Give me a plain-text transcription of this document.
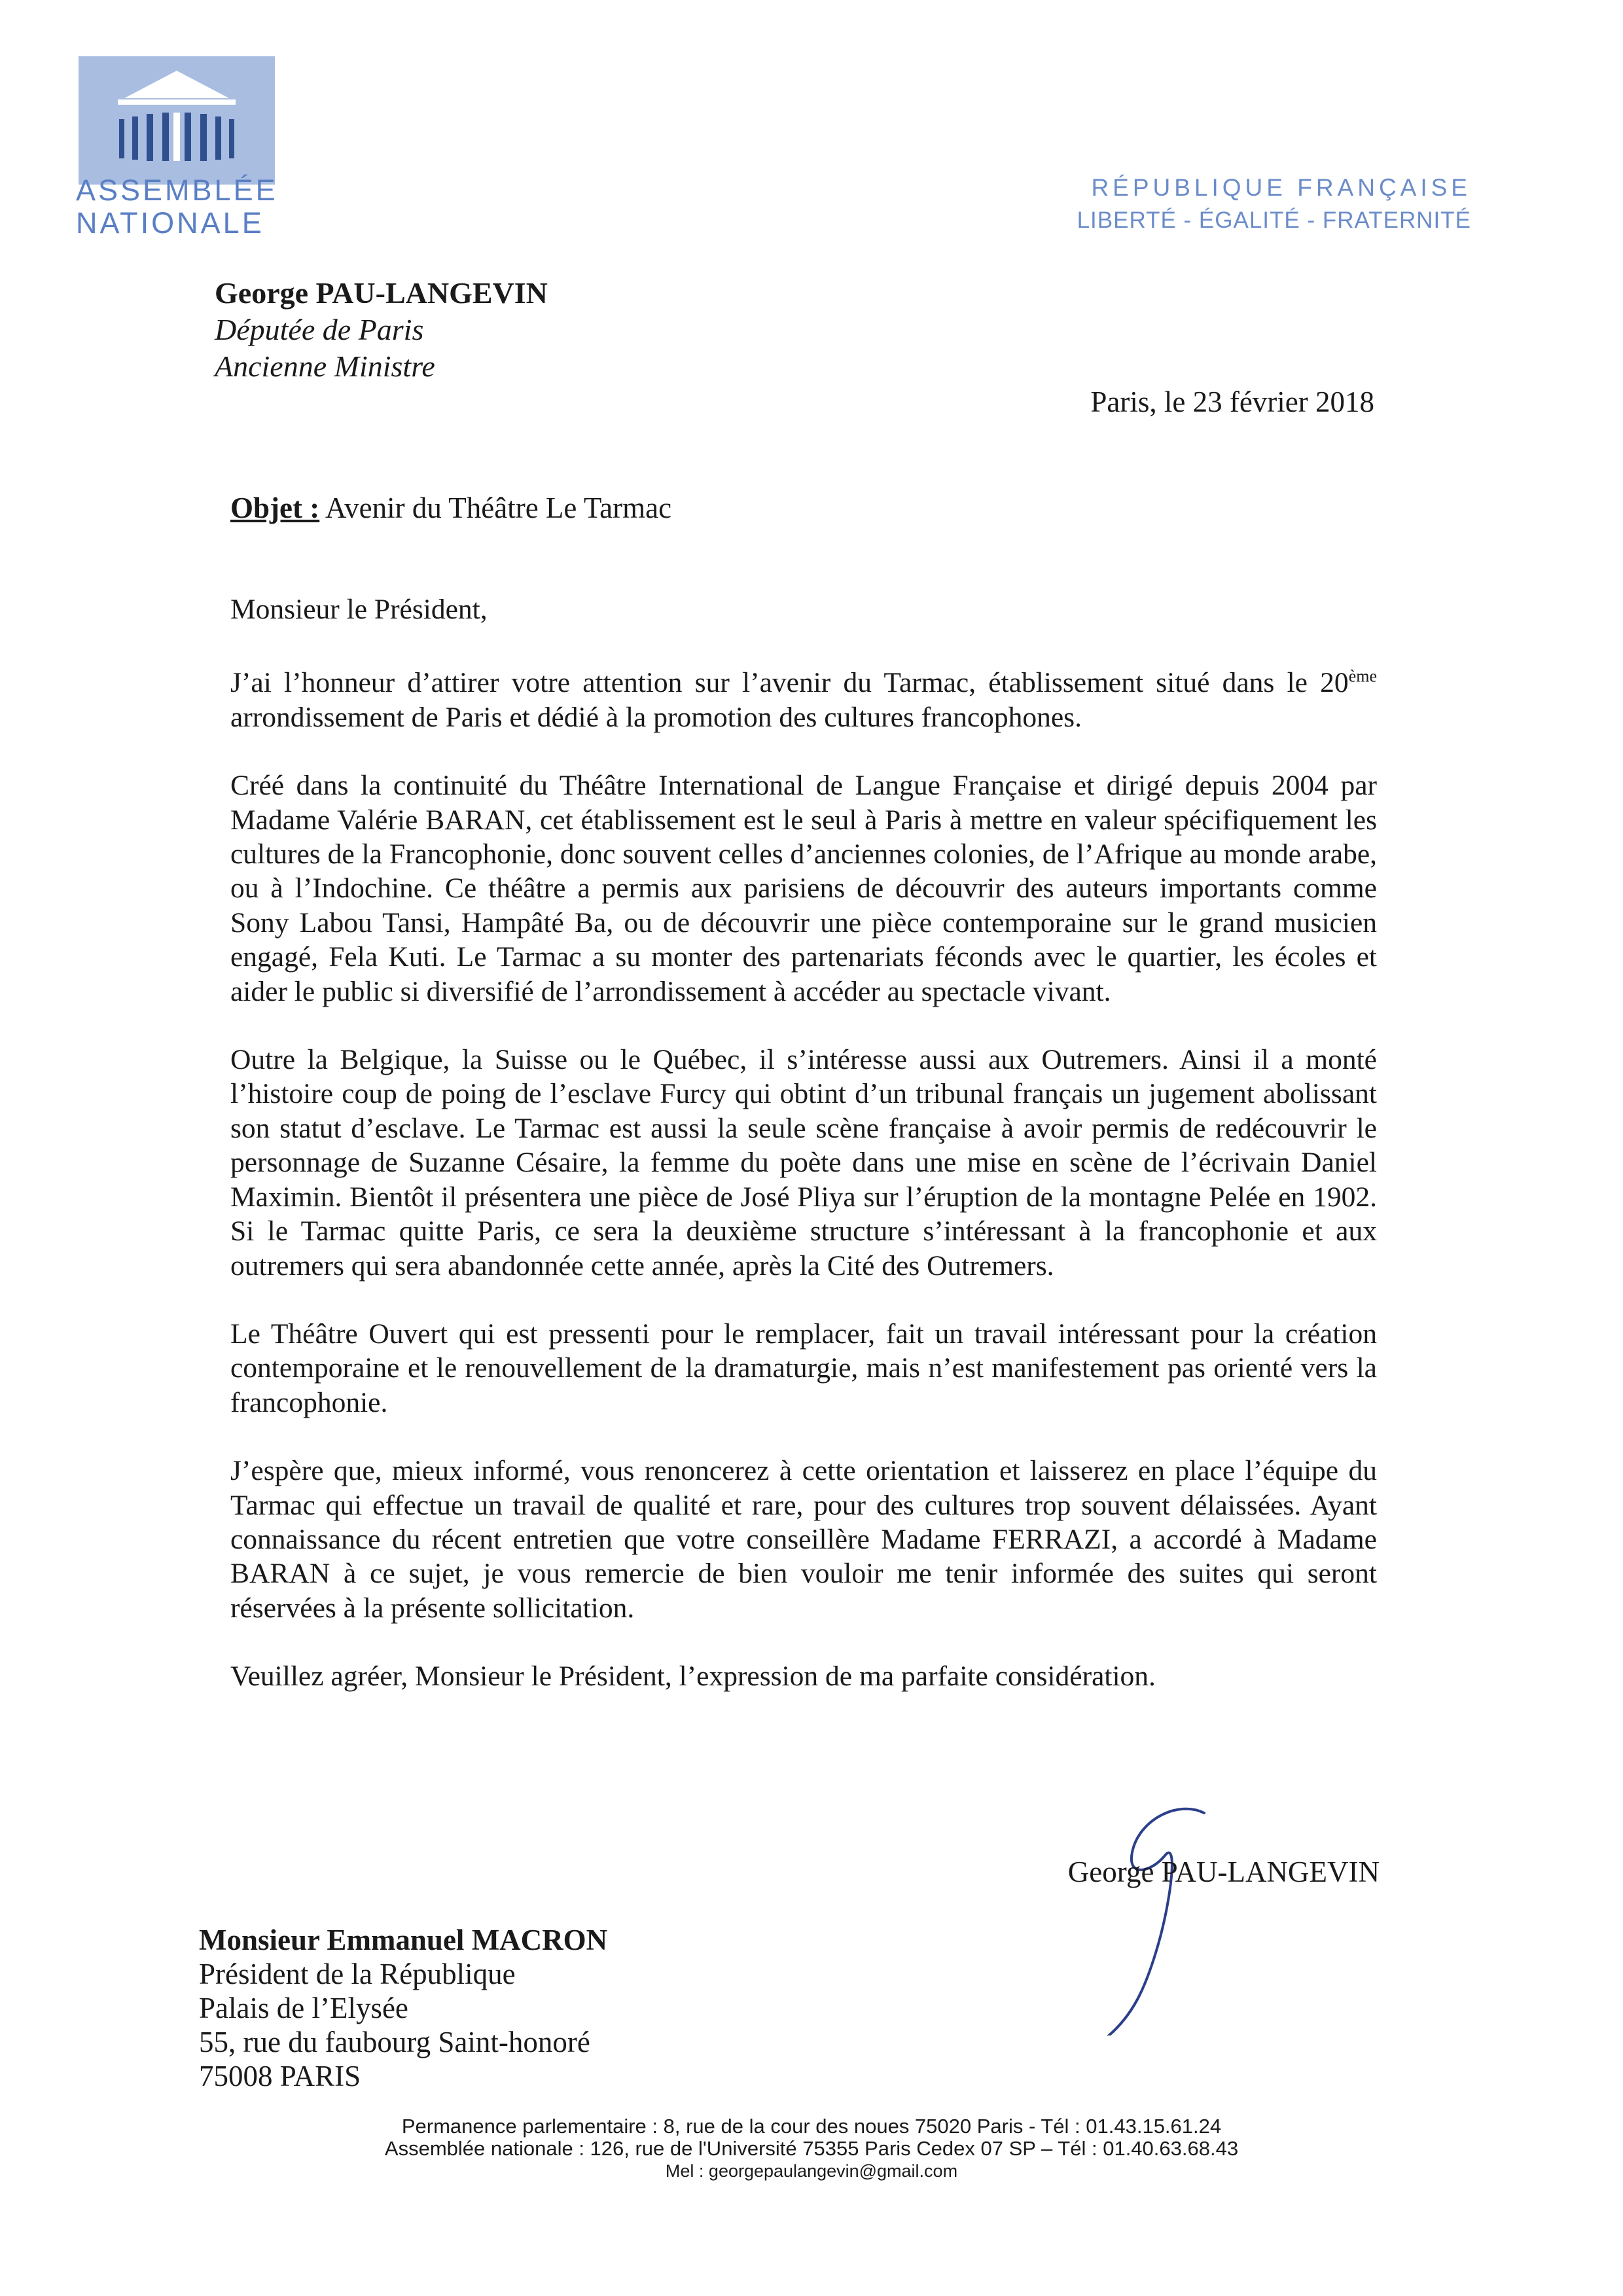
ASSEMBLÉE
NATIONALE
RÉPUBLIQUE FRANÇAISE
LIBERTÉ - ÉGALITÉ - FRATERNITÉ
George PAU-LANGEVIN
Députée de Paris
Ancienne Ministre
Paris, le 23 février 2018
Objet : Avenir du Théâtre Le Tarmac

Monsieur le Président,

J’ai l’honneur d’attirer votre attention sur l’avenir du Tarmac, établissement situé dans le 20ème arrondissement de Paris et dédié à la promotion des cultures francophones.

Créé dans la continuité du Théâtre International de Langue Française et dirigé depuis 2004 par Madame Valérie BARAN, cet établissement est le seul à Paris à mettre en valeur spécifiquement les cultures de la Francophonie, donc souvent celles d’anciennes colonies, de l’Afrique au monde arabe, ou à l’Indochine. Ce théâtre a permis aux parisiens de découvrir des auteurs importants comme Sony Labou Tansi, Hampâté Ba, ou de découvrir une pièce contemporaine sur le grand musicien engagé, Fela Kuti. Le Tarmac a su monter des partenariats féconds avec le quartier, les écoles et aider le public si diversifié de l’arrondissement à accéder au spectacle vivant.

Outre la Belgique, la Suisse ou le Québec, il s’intéresse aussi aux Outremers. Ainsi il a monté l’histoire coup de poing de l’esclave Furcy qui obtint d’un tribunal français un jugement abolissant son statut d’esclave. Le Tarmac est aussi la seule scène française à avoir permis de redécouvrir le personnage de Suzanne Césaire, la femme du poète dans une mise en scène de l’écrivain Daniel Maximin. Bientôt il présentera une pièce de José Pliya sur l’éruption de la montagne Pelée en 1902. Si le Tarmac quitte Paris, ce sera la deuxième structure s’intéressant à la francophonie et aux outremers qui sera abandonnée cette année, après la Cité des Outremers.

Le Théâtre Ouvert qui est pressenti pour le remplacer, fait un travail intéressant pour la création contemporaine et le renouvellement de la dramaturgie, mais n’est manifestement pas orienté vers la francophonie.

J’espère que, mieux informé, vous renoncerez à cette orientation et laisserez en place l’équipe du Tarmac qui effectue un travail de qualité et rare, pour des cultures trop souvent délaissées. Ayant connaissance du récent entretien que votre conseillère Madame FERRAZI, a accordé à Madame BARAN à ce sujet, je vous remercie de bien vouloir me tenir informée des suites qui seront réservées à la présente sollicitation.

Veuillez agréer, Monsieur le Président, l’expression de ma parfaite considération.

George PAU-LANGEVIN
Monsieur Emmanuel MACRON
Président de la République
Palais de l’Elysée
55, rue du faubourg Saint-honoré
75008 PARIS
Permanence parlementaire : 8, rue de la cour des noues 75020 Paris - Tél : 01.43.15.61.24
Assemblée nationale : 126, rue de l'Université 75355 Paris Cedex 07 SP – Tél : 01.40.63.68.43
Mel : georgepaulangevin@gmail.com
